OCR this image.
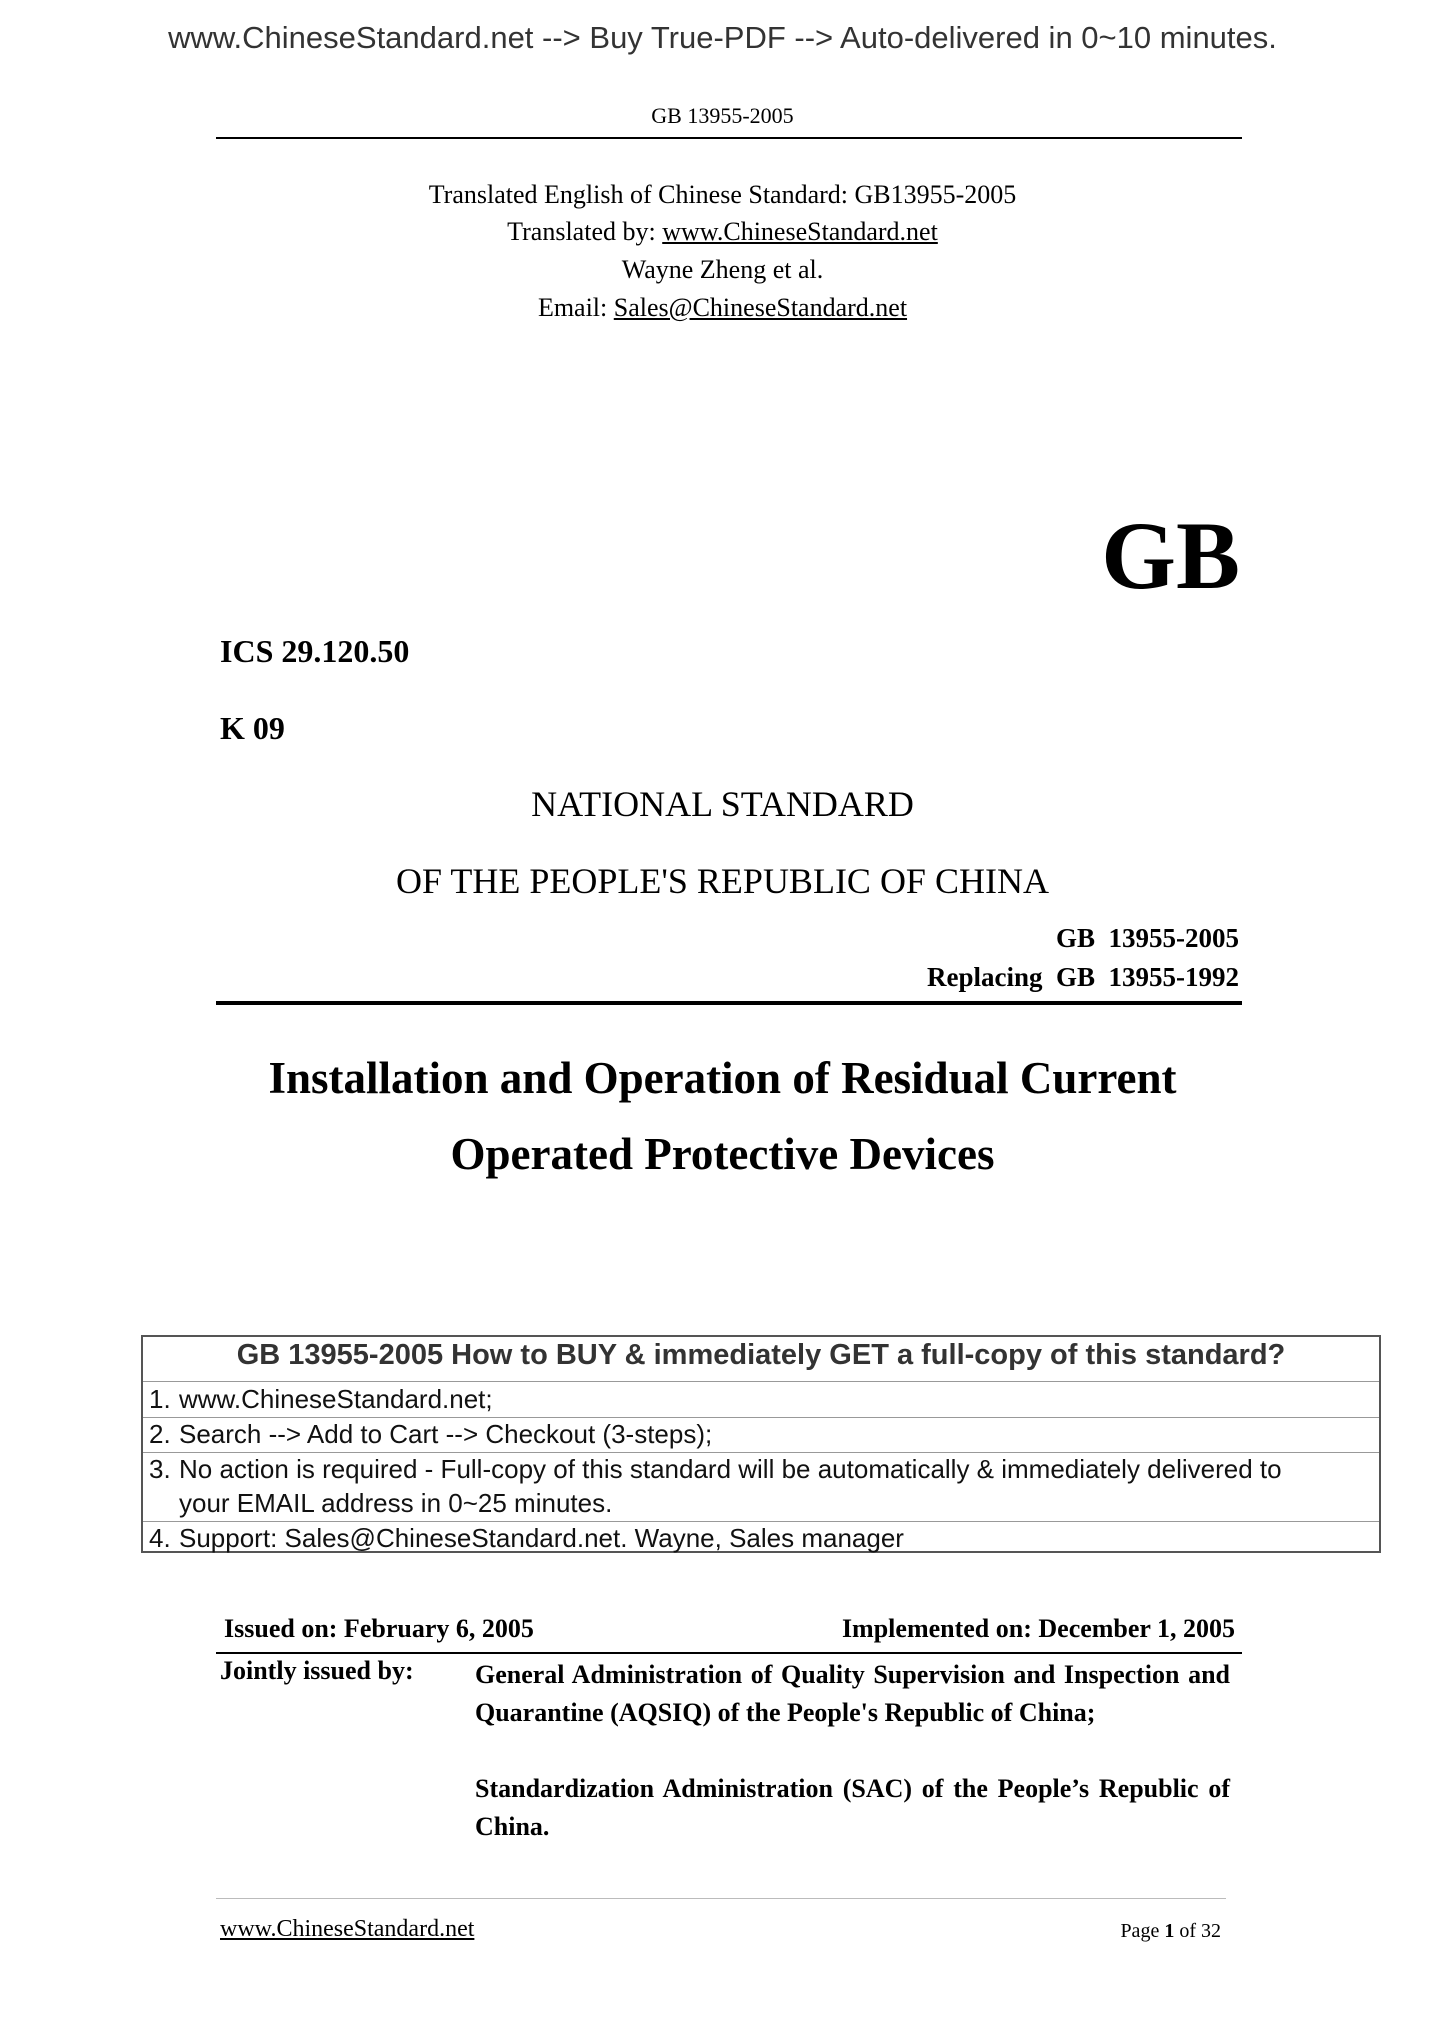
www.ChineseStandard.net --> Buy True-PDF --> Auto-delivered in 0~10 minutes.
GB 13955-2005
Translated English of Chinese Standard: GB13955-2005
Translated by: www.ChineseStandard.net
Wayne Zheng et al.
Email: Sales@ChineseStandard.net
GB
ICS 29.120.50
K 09
NATIONAL STANDARD
OF THE PEOPLE'S REPUBLIC OF CHINA
GB  13955-2005
Replacing  GB  13955-1992
Installation and Operation of Residual Current
Operated Protective Devices
GB 13955-2005 How to BUY & immediately GET a full-copy of this standard?
1. www.ChineseStandard.net;
2. Search --> Add to Cart --> Checkout (3-steps);
3. No action is required - Full-copy of this standard will be automatically & immediately delivered to
your EMAIL address in 0~25 minutes.
4. Support: Sales@ChineseStandard.net. Wayne, Sales manager
Issued on: February 6, 2005	Implemented on: December 1, 2005
Jointly issued by: General Administration of Quality Supervision and Inspection and Quarantine (AQSIQ) of the People's Republic of China;
Standardization Administration (SAC) of the People’s Republic of China.
www.ChineseStandard.net	Page 1 of 32
